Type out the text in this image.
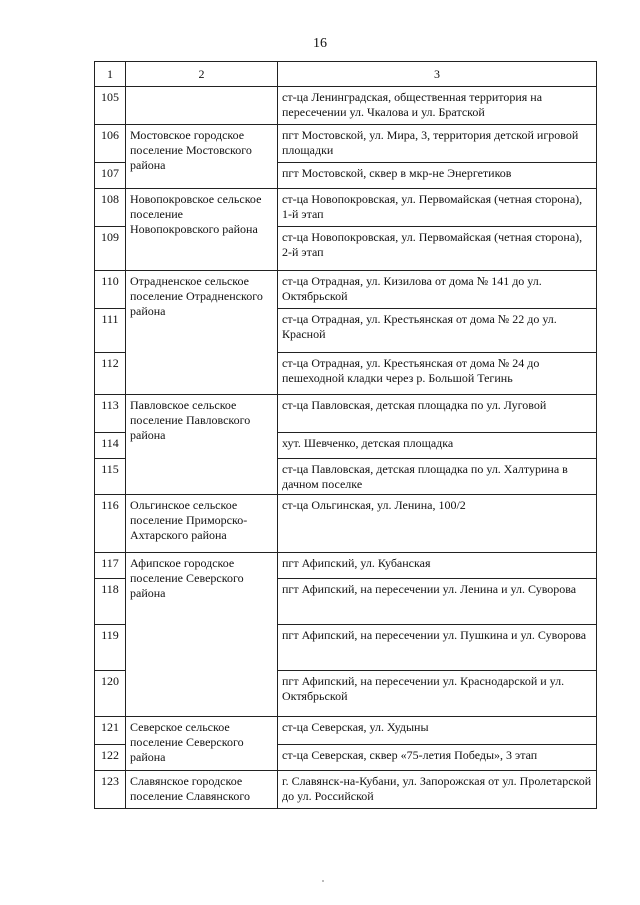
16
1	2	3
105		ст-ца Ленинградская, общественная территория на пересечении ул. Чкалова и ул. Братской
106	Мостовское городское поселение Мостовского района	пгт Мостовской, ул. Мира, 3, территория детской игровой площадки
107		пгт Мостовской, сквер в мкр-не Энергетиков
108	Новопокровское сельское поселение Новопокровского района	ст-ца Новопокровская, ул. Первомайская (четная сторона), 1-й этап
109		ст-ца Новопокровская, ул. Первомайская (четная сторона), 2-й этап
110	Отрадненское сельское поселение Отрадненского района	ст-ца Отрадная, ул. Кизилова от дома № 141 до ул. Октябрьской
111		ст-ца Отрадная, ул. Крестьянская от дома № 22 до ул. Красной
112		ст-ца Отрадная, ул. Крестьянская от дома № 24 до пешеходной кладки через р. Большой Тегинь
113	Павловское сельское поселение Павловского района	ст-ца Павловская, детская площадка по ул. Луговой
114		хут. Шевченко, детская площадка
115		ст-ца Павловская, детская площадка по ул. Халтурина в дачном поселке
116	Ольгинское сельское поселение Приморско-Ахтарского района	ст-ца Ольгинская, ул. Ленина, 100/2
117	Афипское городское поселение Северского района	пгт Афипский, ул. Кубанская
118		пгт Афипский, на пересечении ул. Ленина и ул. Суворова
119		пгт Афипский, на пересечении ул. Пушкина и ул. Суворова
120		пгт Афипский, на пересечении ул. Краснодарской и ул. Октябрьской
121	Северское сельское поселение Северского района	ст-ца Северская, ул. Худыны
122		ст-ца Северская, сквер «75-летия Победы», 3 этап
123	Славянское городское поселение Славянского	г. Славянск-на-Кубани, ул. Запорожская от ул. Пролетарской до ул. Российской
